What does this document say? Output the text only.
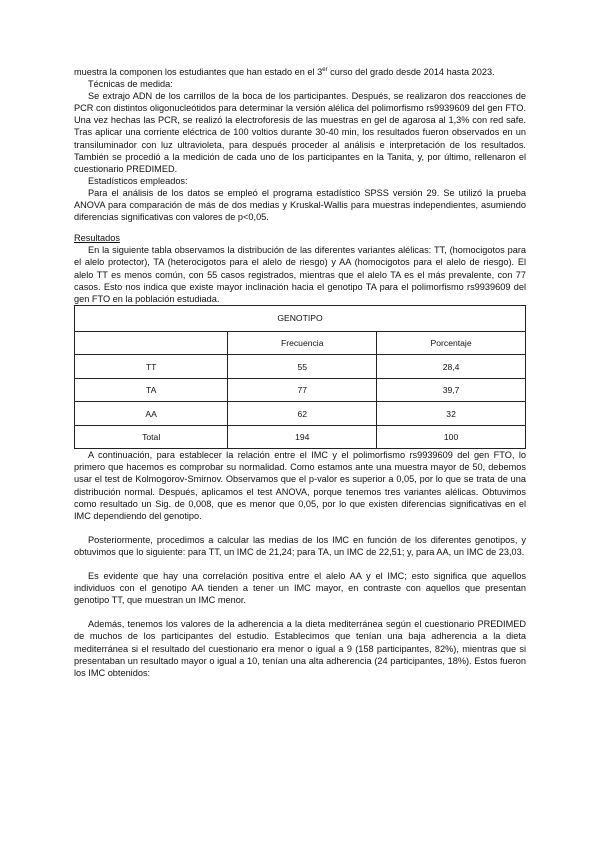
muestra la componen los estudiantes que han estado en el 3er curso del grado desde 2014 hasta 2023.

Técnicas de medida:

Se extrajo ADN de los carrillos de la boca de los participantes. Después, se realizaron dos reacciones de PCR con distintos oligonucleótidos para determinar la versión alélica del polimorfismo rs9939609 del gen FTO. Una vez hechas las PCR, se realizó la electroforesis de las muestras en gel de agarosa al 1,3% con red safe. Tras aplicar una corriente eléctrica de 100 voltios durante 30-40 min, los resultados fueron observados en un transiluminador con luz ultravioleta, para después proceder al análisis e interpretación de los resultados. También se procedió a la medición de cada uno de los participantes en la Tanita, y, por último, rellenaron el cuestionario PREDIMED.

Estadísticos empleados:

Para el análisis de los datos se empleó el programa estadístico SPSS versión 29. Se utilizó la prueba ANOVA para comparación de más de dos medias y Kruskal-Wallis para muestras independientes, asumiendo diferencias significativas con valores de p<0,05.

Resultados

En la siguiente tabla observamos la distribución de las diferentes variantes alélicas: TT, (homocigotos para el alelo protector), TA (heterocigotos para el alelo de riesgo) y AA (homocigotos para el alelo de riesgo). El alelo TT es menos común, con 55 casos registrados, mientras que el alelo TA es el más prevalente, con 77 casos. Esto nos indica que existe mayor inclinación hacia el genotipo TA para el polimorfismo rs9939609 del gen FTO en la población estudiada.

GENOTIPO		
	Frecuencia	Porcentaje
TT	55	28,4
TA	77	39,7
AA	62	32
Total	194	100

A continuación, para establecer la relación entre el IMC y el polimorfismo rs9939609 del gen FTO, lo primero que hacemos es comprobar su normalidad. Como estamos ante una muestra mayor de 50, debemos usar el test de Kolmogorov-Smirnov. Observamos que el p-valor es superior a 0,05, por lo que se trata de una distribución normal. Después, aplicamos el test ANOVA, porque tenemos tres variantes alélicas. Obtuvimos como resultado un Sig. de 0,008, que es menor que 0,05, por lo que existen diferencias significativas en el IMC dependiendo del genotipo.

Posteriormente, procedimos a calcular las medias de los IMC en función de los diferentes genotipos, y obtuvimos que lo siguiente: para TT, un IMC de 21,24; para TA, un IMC de 22,51; y, para AA, un IMC de 23,03.

Es evidente que hay una correlación positiva entre el alelo AA y el IMC; esto significa que aquellos individuos con el genotipo AA tienden a tener un IMC mayor, en contraste con aquellos que presentan genotipo TT, que muestran un IMC menor.

Además, tenemos los valores de la adherencia a la dieta mediterránea según el cuestionario PREDIMED de muchos de los participantes del estudio. Establecimos que tenían una baja adherencia a la dieta mediterránea si el resultado del cuestionario era menor o igual a 9 (158 participantes, 82%), mientras que si presentaban un resultado mayor o igual a 10, tenían una alta adherencia (24 participantes, 18%). Estos fueron los IMC obtenidos:
